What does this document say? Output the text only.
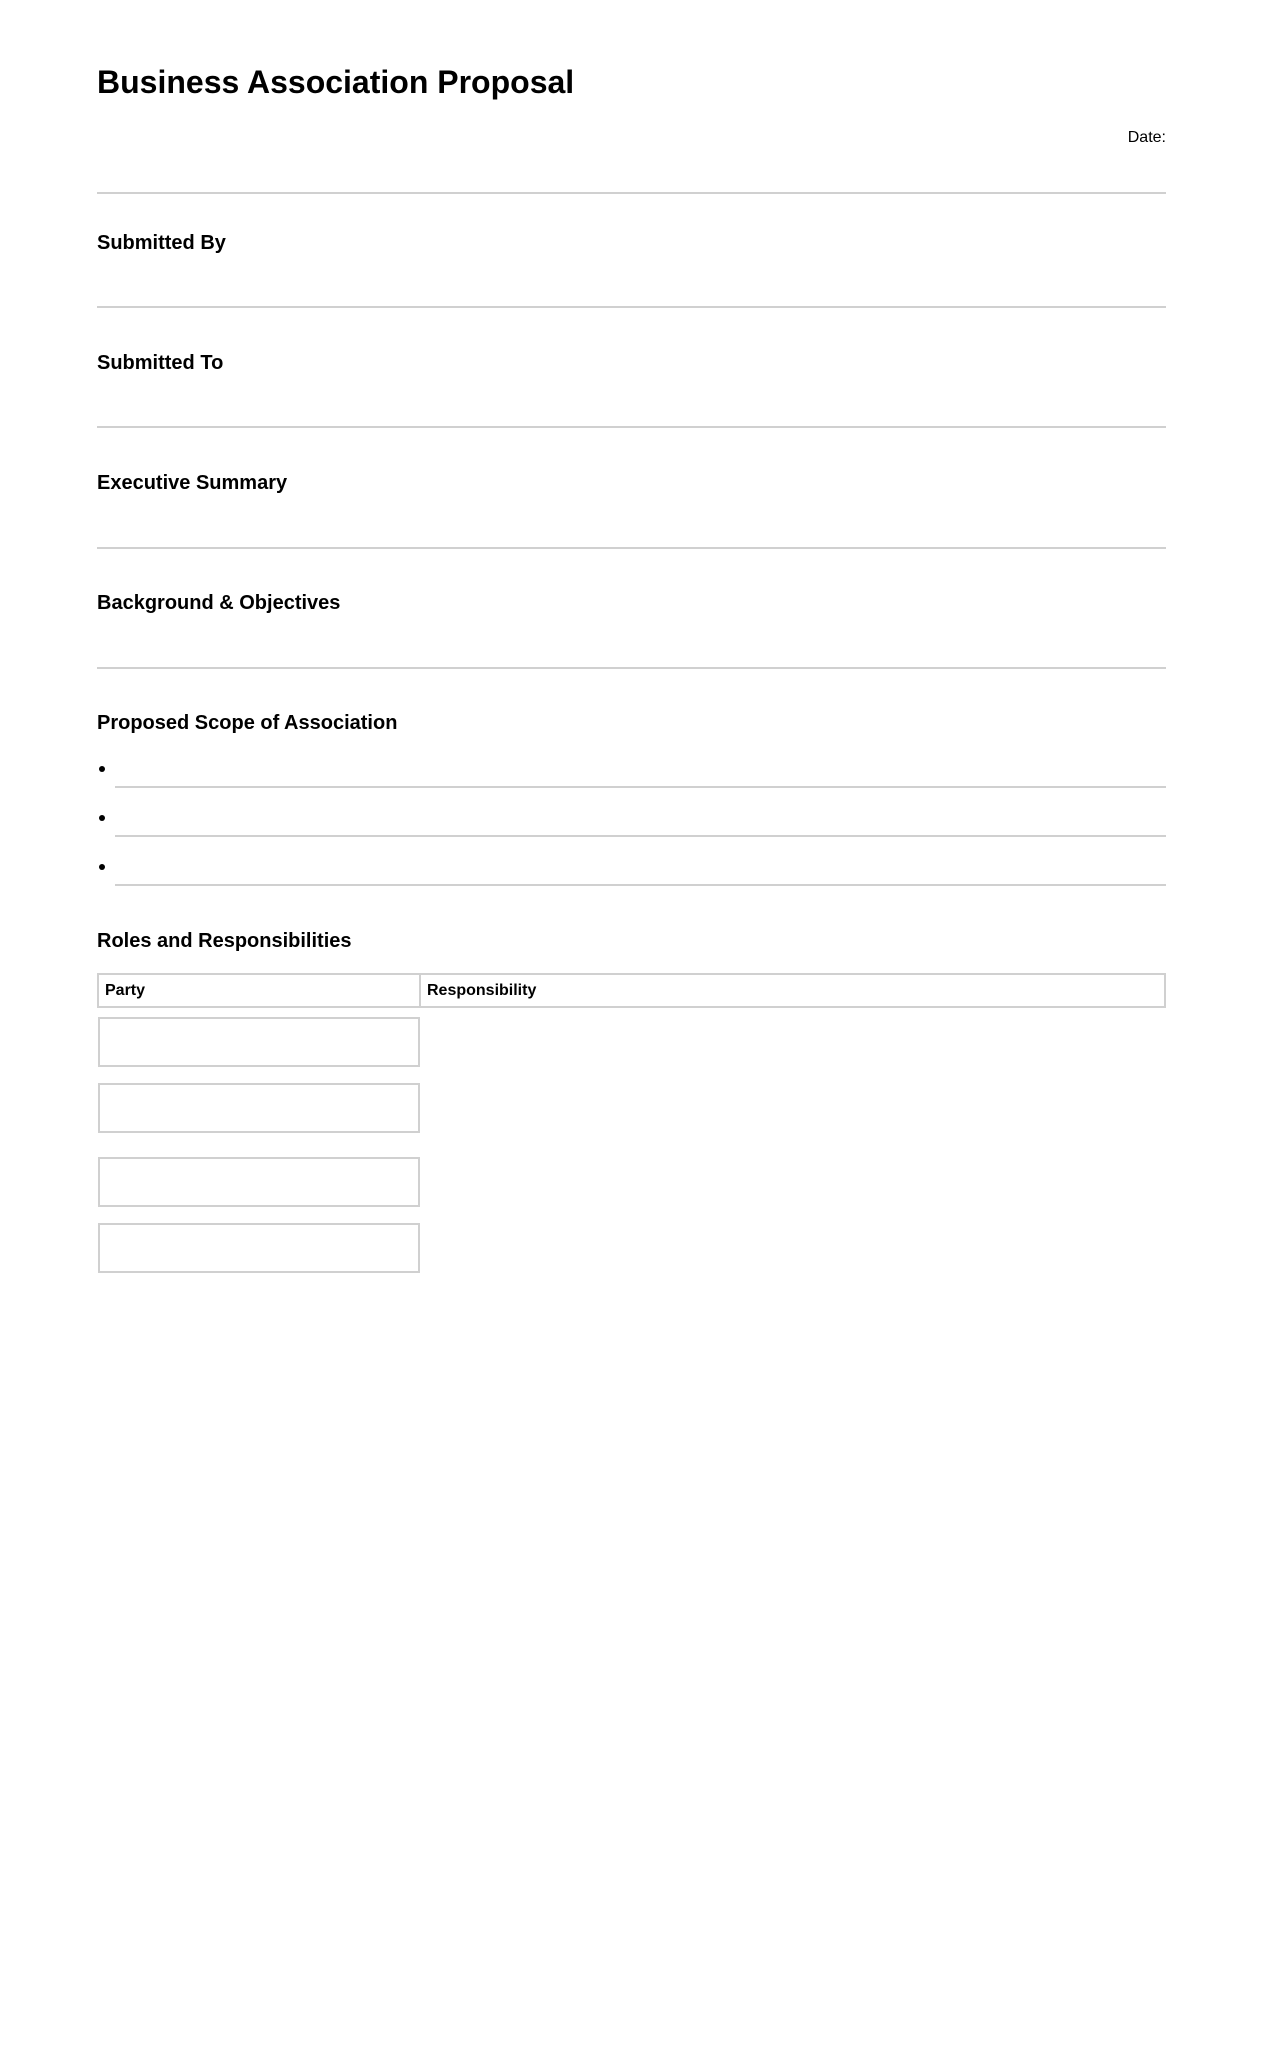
Business Association Proposal
Date:
Submitted By
Submitted To
Executive Summary
Background & Objectives
Proposed Scope of Association
Roles and Responsibilities
Party	Responsibility
